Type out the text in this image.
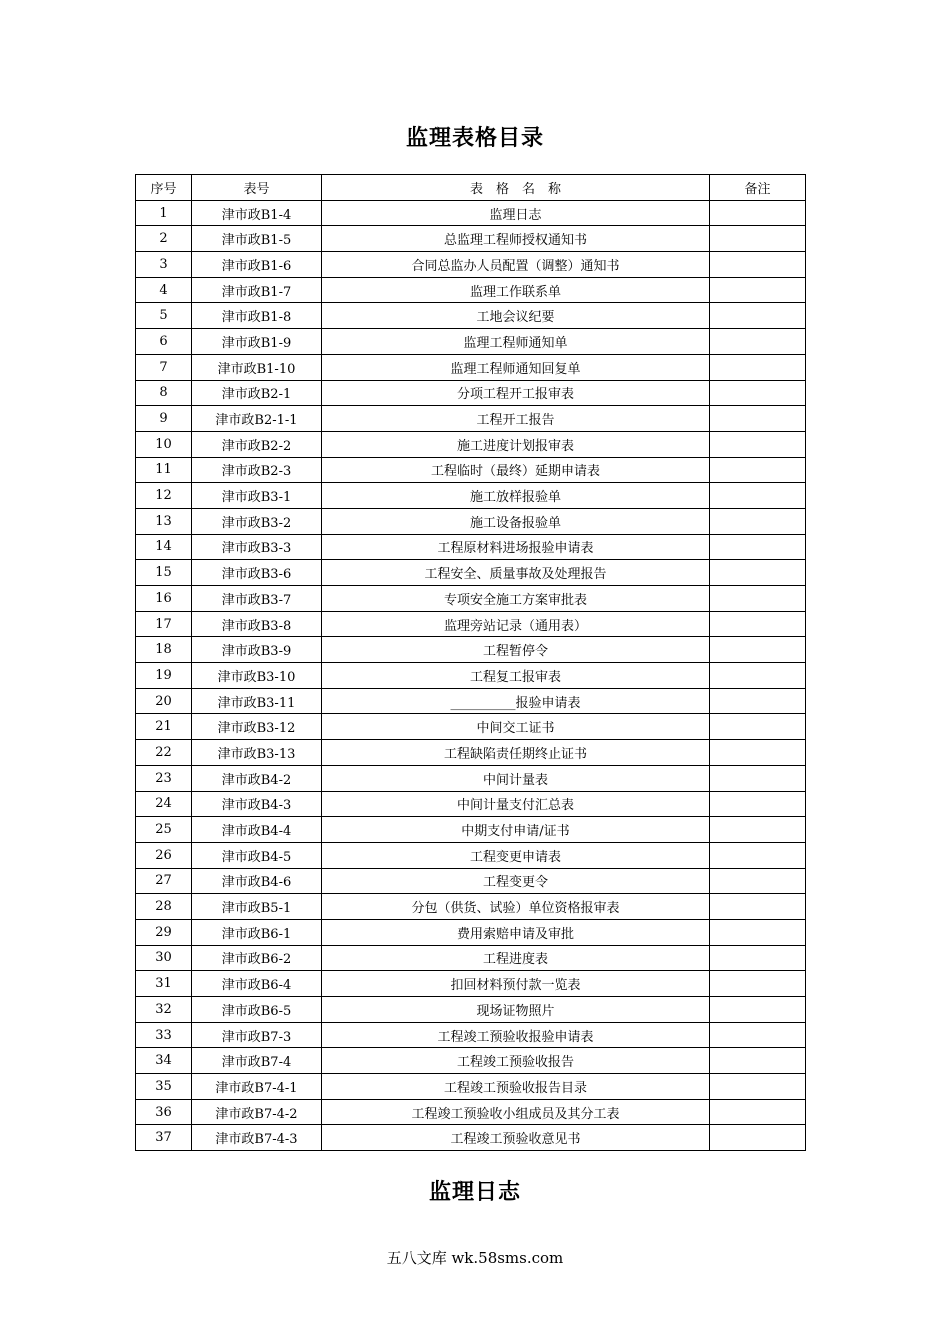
监理表格目录
序号	表号	表　格　名　称	备注
1	津市政B1-4	监理日志	
2	津市政B1-5	总监理工程师授权通知书	
3	津市政B1-6	合同总监办人员配置（调整）通知书	
4	津市政B1-7	监理工作联系单	
5	津市政B1-8	工地会议纪要	
6	津市政B1-9	监理工程师通知单	
7	津市政B1-10	监理工程师通知回复单	
8	津市政B2-1	分项工程开工报审表	
9	津市政B2-1-1	工程开工报告	
10	津市政B2-2	施工进度计划报审表	
11	津市政B2-3	工程临时（最终）延期申请表	
12	津市政B3-1	施工放样报验单	
13	津市政B3-2	施工设备报验单	
14	津市政B3-3	工程原材料进场报验申请表	
15	津市政B3-6	工程安全、质量事故及处理报告	
16	津市政B3-7	专项安全施工方案审批表	
17	津市政B3-8	监理旁站记录（通用表）	
18	津市政B3-9	工程暂停令	
19	津市政B3-10	工程复工报审表	
20	津市政B3-11	__________报验申请表	
21	津市政B3-12	中间交工证书	
22	津市政B3-13	工程缺陷责任期终止证书	
23	津市政B4-2	中间计量表	
24	津市政B4-3	中间计量支付汇总表	
25	津市政B4-4	中期支付申请/证书	
26	津市政B4-5	工程变更申请表	
27	津市政B4-6	工程变更令	
28	津市政B5-1	分包（供货、试验）单位资格报审表	
29	津市政B6-1	费用索赔申请及审批	
30	津市政B6-2	工程进度表	
31	津市政B6-4	扣回材料预付款一览表	
32	津市政B6-5	现场证物照片	
33	津市政B7-3	工程竣工预验收报验申请表	
34	津市政B7-4	工程竣工预验收报告	
35	津市政B7-4-1	工程竣工预验收报告目录	
36	津市政B7-4-2	工程竣工预验收小组成员及其分工表	
37	津市政B7-4-3	工程竣工预验收意见书	
监理日志
五八文库 wk.58sms.com
